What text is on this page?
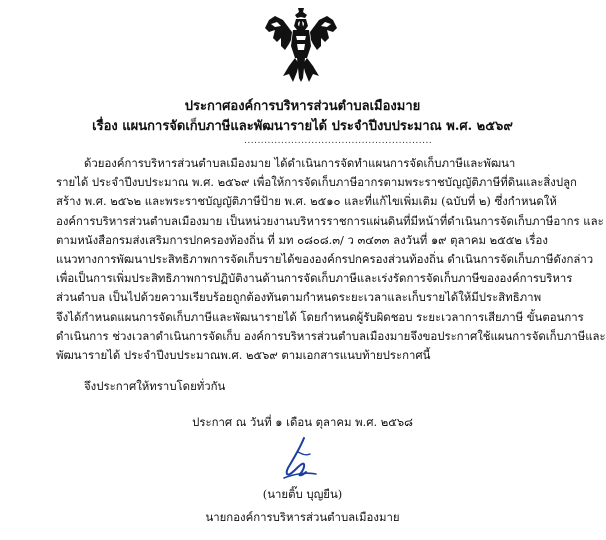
ประกาศองค์การบริหารส่วนตำบลเมืองมาย
เรื่อง แผนการจัดเก็บภาษีและพัฒนารายได้ ประจำปีงบประมาณ พ.ศ. ๒๕๖๙
........................................................
ด้วยองค์การบริหารส่วนตำบลเมืองมาย ได้ดำเนินการจัดทำแผนการจัดเก็บภาษีและพัฒนา
รายได้ ประจำปีงบประมาณ พ.ศ. ๒๕๖๙ เพื่อให้การจัดเก็บภาษีอากรตามพระราชบัญญัติภาษีที่ดินและสิ่งปลูก
สร้าง พ.ศ. ๒๕๖๒ และพระราชบัญญัติภาษีป้าย พ.ศ. ๒๕๑๐ และที่แก้ไขเพิ่มเติม (ฉบับที่ ๒) ซึ่งกำหนดให้
องค์การบริหารส่วนตำบลเมืองมาย เป็นหน่วยงานบริหารราชการแผ่นดินที่มีหน้าที่ดำเนินการจัดเก็บภาษีอากร และ
ตามหนังสือกรมส่งเสริมการปกครองท้องถิ่น ที่ มท ๐๘๐๘.๓/ ว ๓๔๓๓ ลงวันที่ ๑๙ ตุลาคม ๒๕๕๒ เรื่อง
แนวทางการพัฒนาประสิทธิภาพการจัดเก็บรายได้ขององค์กรปกครองส่วนท้องถิ่น ดำเนินการจัดเก็บภาษีดังกล่าว
เพื่อเป็นการเพิ่มประสิทธิภาพการปฏิบัติงานด้านการจัดเก็บภาษีและเร่งรัดการจัดเก็บภาษีขององค์การบริหาร
ส่วนตำบล เป็นไปด้วยความเรียบร้อยถูกต้องทันตามกำหนดระยะเวลาและเก็บรายได้ให้มีประสิทธิภาพ
จึงได้กำหนดแผนการจัดเก็บภาษีและพัฒนารายได้ โดยกำหนดผู้รับผิดชอบ ระยะเวลาการเสียภาษี ขั้นตอนการ
ดำเนินการ ช่วงเวลาดำเนินการจัดเก็บ องค์การบริหารส่วนตำบลเมืองมายจึงขอประกาศใช้แผนการจัดเก็บภาษีและ
พัฒนารายได้ ประจำปีงบประมาณพ.ศ. ๒๕๖๙ ตามเอกสารแนบท้ายประกาศนี้
จึงประกาศให้ทราบโดยทั่วกัน
ประกาศ ณ วันที่ ๑ เดือน ตุลาคม พ.ศ. ๒๕๖๘
(นายติ๊บ บุญยืน)
นายกองค์การบริหารส่วนตำบลเมืองมาย
